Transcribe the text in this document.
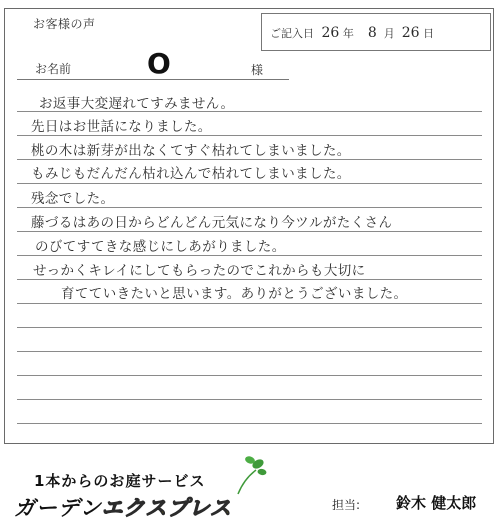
お客様の声
ご記入日 26 年 8 月 26 日
お名前	O	様
お返事大変遅れてすみません。
先日はお世話になりました。
桃の木は新芽が出なくてすぐ枯れてしまいました。
もみじもだんだん枯れ込んで枯れてしまいました。
残念でした。
藤づるはあの日からどんどん元気になり今ツルがたくさん
のびてすてきな感じにしあがりました。
せっかくキレイにしてもらったのでこれからも大切に
育てていきたいと思います。ありがとうございました。
1本からのお庭サービス
ガーデンエクスプレス	担当: 鈴木 健太郎
